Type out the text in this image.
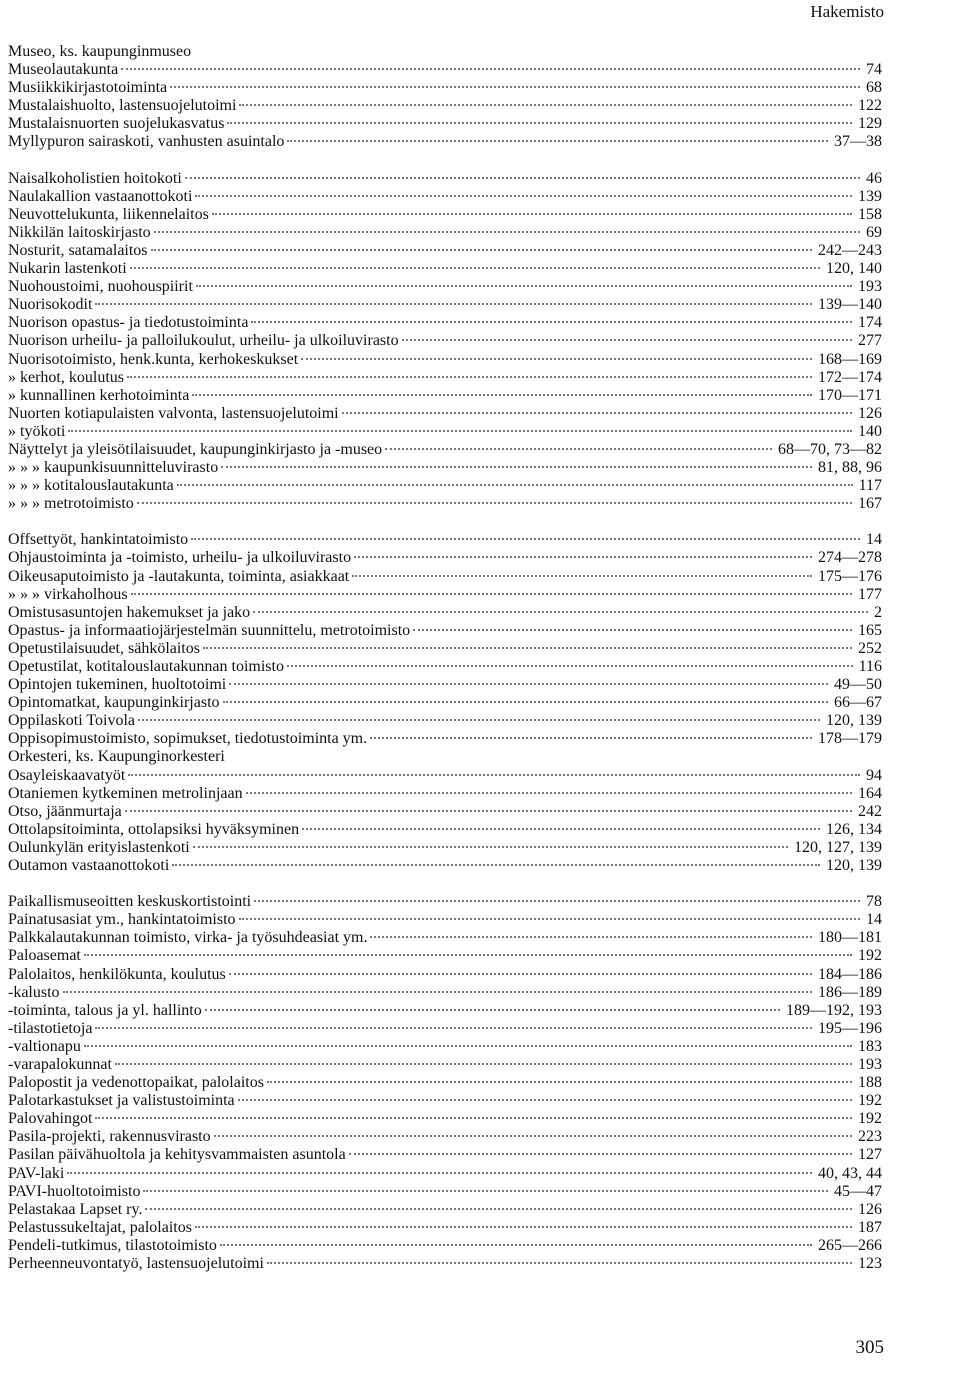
Hakemisto
Museo, ks. kaupunginmuseo
Museolautakunta	74
Musiikkikirjastotoiminta	68
Mustalaishuolto, lastensuojelutoimi	122
Mustalaisnuorten suojelukasvatus	129
Myllypuron sairaskoti, vanhusten asuintalo	37—38
Naisalkoholistien hoitokoti	46
Naulakallion vastaanottokoti	139
Neuvottelukunta, liikennelaitos	158
Nikkilän laitoskirjasto	69
Nosturit, satamalaitos	242—243
Nukarin lastenkoti	120, 140
Nuohoustoimi, nuohouspiirit	193
Nuorisokodit	139—140
Nuorison opastus- ja tiedotustoiminta	174
Nuorison urheilu- ja palloilukoulut, urheilu- ja ulkoiluvirasto	277
Nuorisotoimisto, henk.kunta, kerhokeskukset	168—169
» kerhot, koulutus	172—174
» kunnallinen kerhotoiminta	170—171
Nuorten kotiapulaisten valvonta, lastensuojelutoimi	126
» työkoti	140
Näyttelyt ja yleisötilaisuudet, kaupunginkirjasto ja -museo	68—70, 73—82
» » » kaupunkisuunnitteluvirasto	81, 88, 96
» » » kotitalouslautakunta	117
» » » metrotoimisto	167
Offsettyöt, hankintatoimisto	14
Ohjaustoiminta ja -toimisto, urheilu- ja ulkoiluvirasto	274—278
Oikeusaputoimisto ja -lautakunta, toiminta, asiakkaat	175—176
» » » virkaholhous	177
Omistusasuntojen hakemukset ja jako	2
Opastus- ja informaatiojärjestelmän suunnittelu, metrotoimisto	165
Opetustilaisuudet, sähkölaitos	252
Opetustilat, kotitalouslautakunnan toimisto	116
Opintojen tukeminen, huoltotoimi	49—50
Opintomatkat, kaupunginkirjasto	66—67
Oppilaskoti Toivola	120, 139
Oppisopimustoimisto, sopimukset, tiedotustoiminta ym.	178—179
Orkesteri, ks. Kaupunginorkesteri
Osayleiskaavatyöt	94
Otaniemen kytkeminen metrolinjaan	164
Otso, jäänmurtaja	242
Ottolapsitoiminta, ottolapsiksi hyväksyminen	126, 134
Oulunkylän erityislastenkoti	120, 127, 139
Outamon vastaanottokoti	120, 139
Paikallismuseoitten keskuskortistointi	78
Painatusasiat ym., hankintatoimisto	14
Palkkalautakunnan toimisto, virka- ja työsuhdeasiat ym.	180—181
Paloasemat	192
Palolaitos, henkilökunta, koulutus	184—186
-kalusto	186—189
-toiminta, talous ja yl. hallinto	189—192, 193
-tilastotietoja	195—196
-valtionapu	183
-varapalokunnat	193
Palopostit ja vedenottopaikat, palolaitos	188
Palotarkastukset ja valistustoiminta	192
Palovahingot	192
Pasila-projekti, rakennusvirasto	223
Pasilan päivähuoltola ja kehitysvammaisten asuntola	127
PAV-laki	40, 43, 44
PAVI-huoltotoimisto	45—47
Pelastakaa Lapset ry.	126
Pelastussukeltajat, palolaitos	187
Pendeli-tutkimus, tilastotoimisto	265—266
Perheenneuvontatyö, lastensuojelutoimi	123
305
